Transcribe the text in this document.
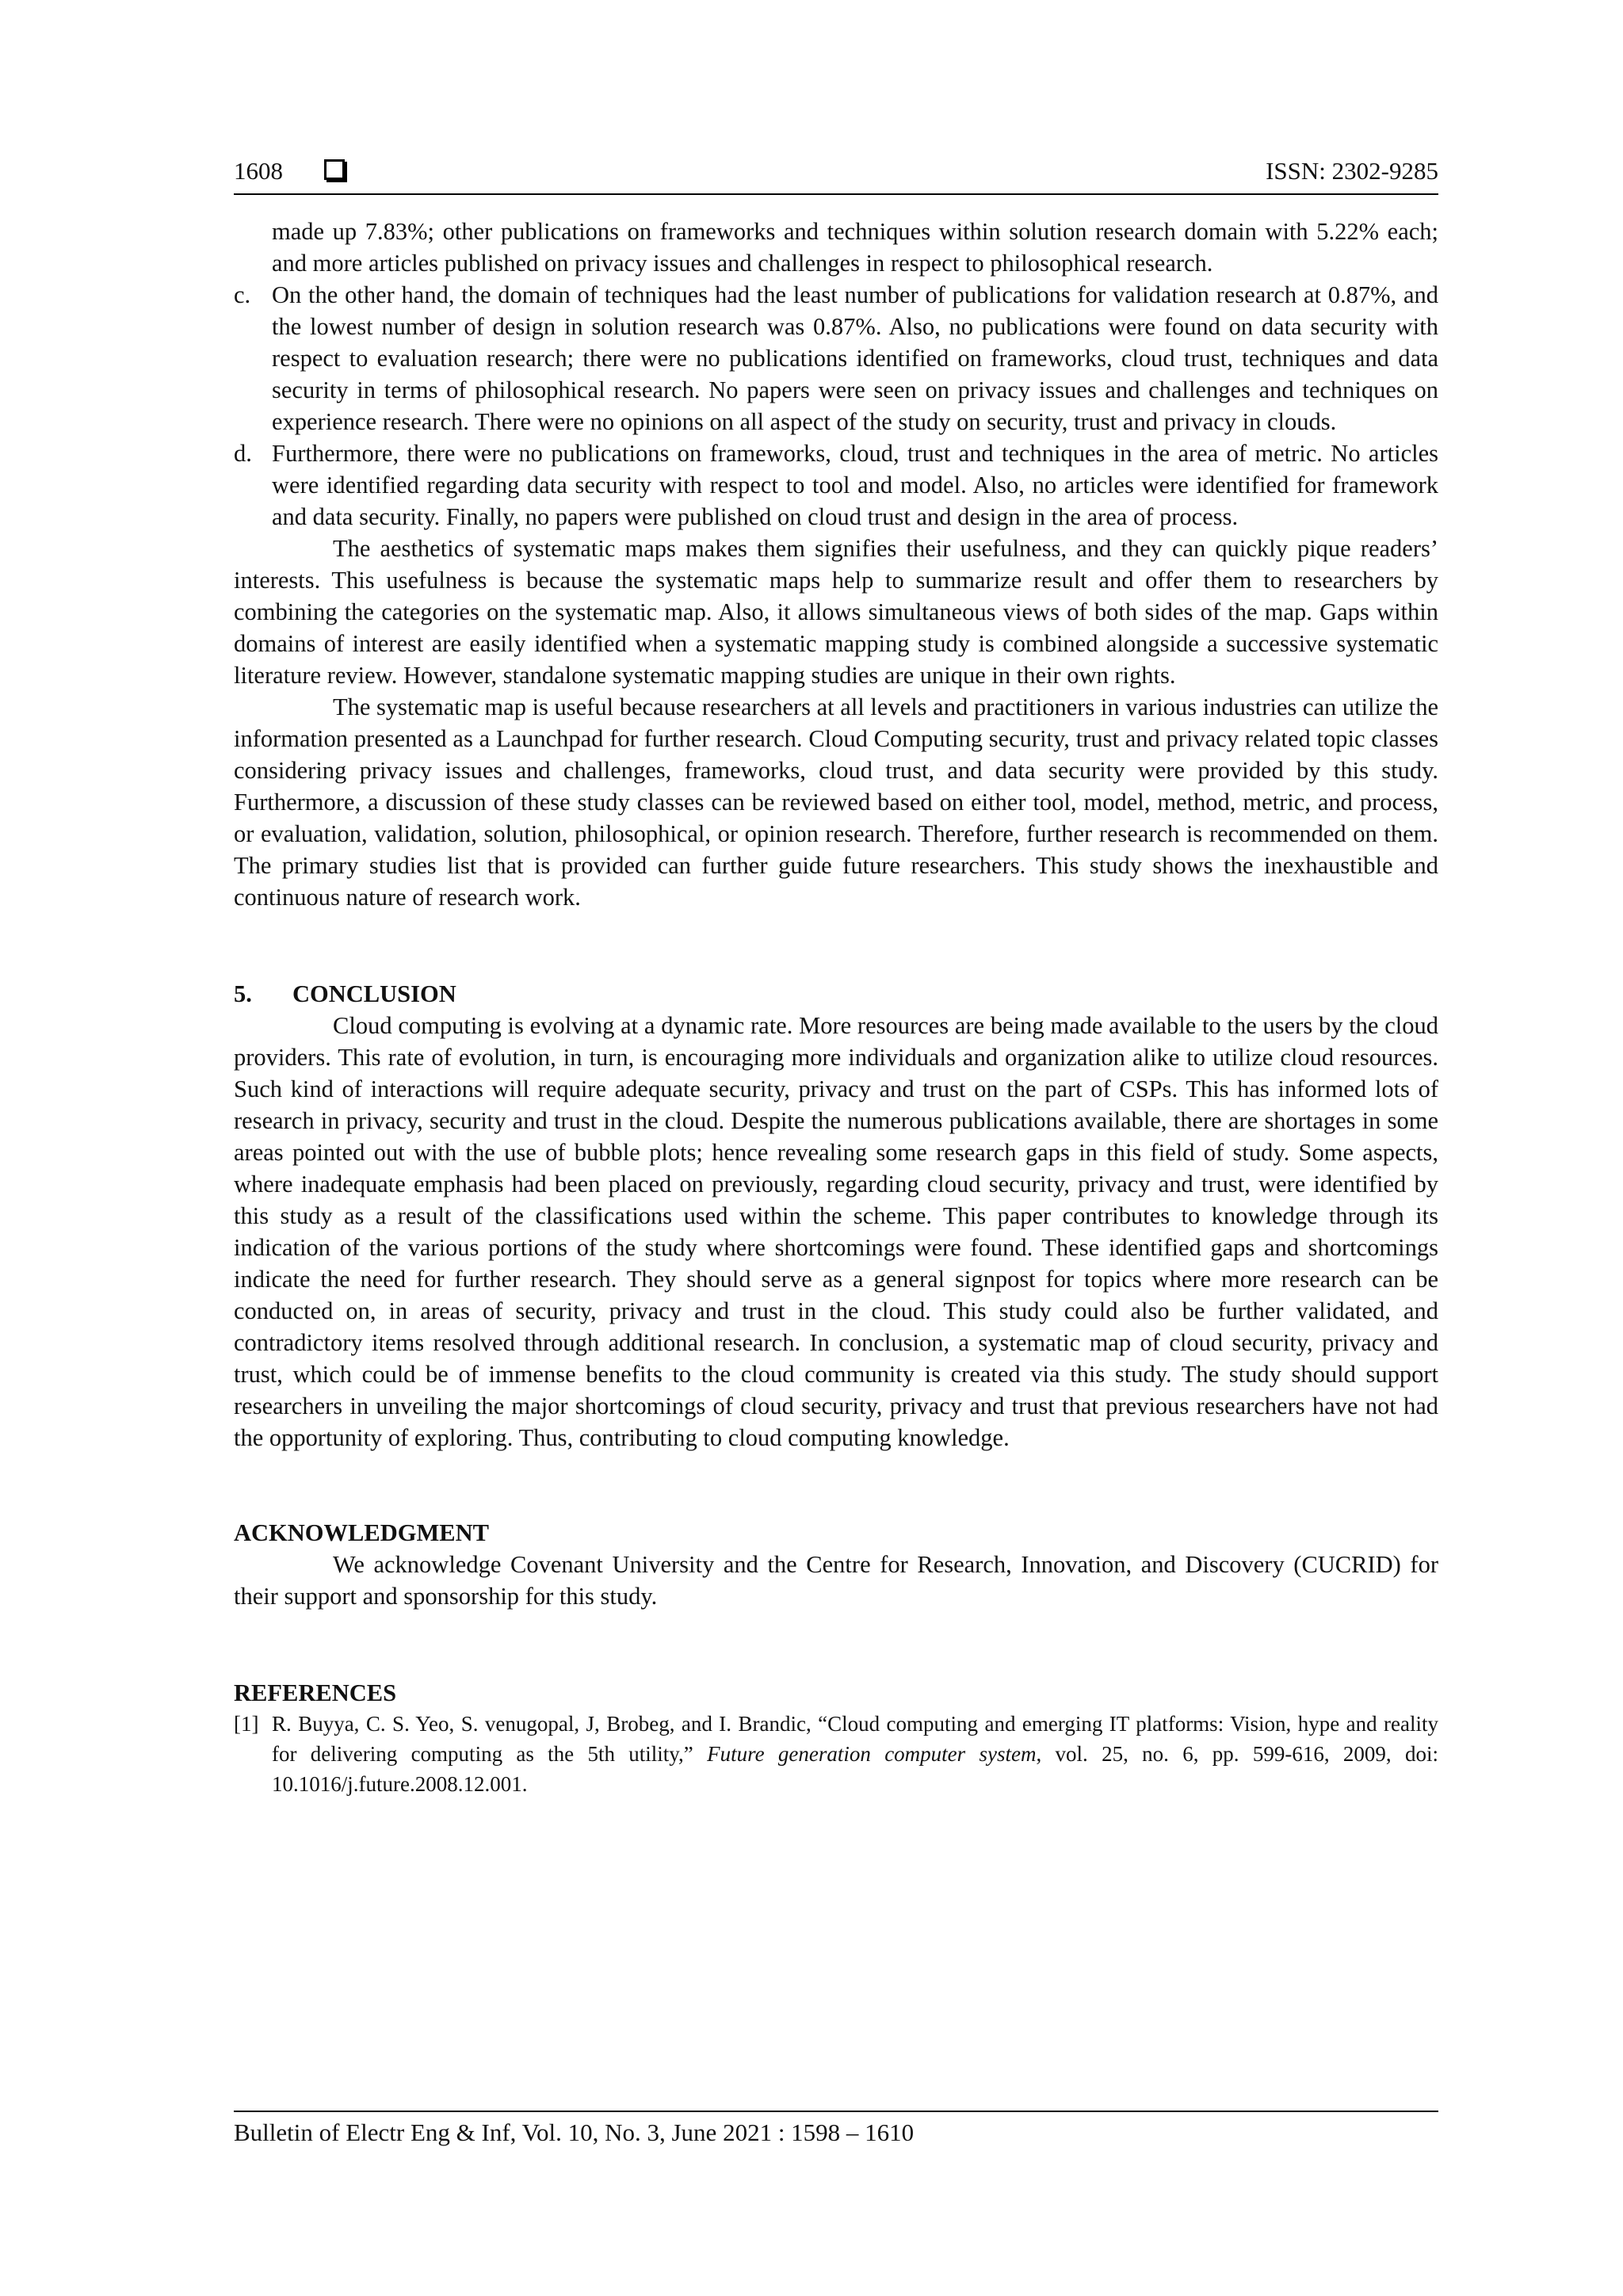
1608	ISSN: 2302-9285

made up 7.83%; other publications on frameworks and techniques within solution research domain with 5.22% each; and more articles published on privacy issues and challenges in respect to philosophical research.

c. On the other hand, the domain of techniques had the least number of publications for validation research at 0.87%, and the lowest number of design in solution research was 0.87%. Also, no publications were found on data security with respect to evaluation research; there were no publications identified on frameworks, cloud trust, techniques and data security in terms of philosophical research. No papers were seen on privacy issues and challenges and techniques on experience research. There were no opinions on all aspect of the study on security, trust and privacy in clouds.
d. Furthermore, there were no publications on frameworks, cloud, trust and techniques in the area of metric. No articles were identified regarding data security with respect to tool and model. Also, no articles were identified for framework and data security. Finally, no papers were published on cloud trust and design in the area of process.

The aesthetics of systematic maps makes them signifies their usefulness, and they can quickly pique readers’ interests. This usefulness is because the systematic maps help to summarize result and offer them to researchers by combining the categories on the systematic map. Also, it allows simultaneous views of both sides of the map. Gaps within domains of interest are easily identified when a systematic mapping study is combined alongside a successive systematic literature review. However, standalone systematic mapping studies are unique in their own rights.

The systematic map is useful because researchers at all levels and practitioners in various industries can utilize the information presented as a Launchpad for further research. Cloud Computing security, trust and privacy related topic classes considering privacy issues and challenges, frameworks, cloud trust, and data security were provided by this study. Furthermore, a discussion of these study classes can be reviewed based on either tool, model, method, metric, and process, or evaluation, validation, solution, philosophical, or opinion research. Therefore, further research is recommended on them. The primary studies list that is provided can further guide future researchers. This study shows the inexhaustible and continuous nature of research work.

5. CONCLUSION

Cloud computing is evolving at a dynamic rate. More resources are being made available to the users by the cloud providers. This rate of evolution, in turn, is encouraging more individuals and organization alike to utilize cloud resources. Such kind of interactions will require adequate security, privacy and trust on the part of CSPs. This has informed lots of research in privacy, security and trust in the cloud. Despite the numerous publications available, there are shortages in some areas pointed out with the use of bubble plots; hence revealing some research gaps in this field of study. Some aspects, where inadequate emphasis had been placed on previously, regarding cloud security, privacy and trust, were identified by this study as a result of the classifications used within the scheme. This paper contributes to knowledge through its indication of the various portions of the study where shortcomings were found. These identified gaps and shortcomings indicate the need for further research. They should serve as a general signpost for topics where more research can be conducted on, in areas of security, privacy and trust in the cloud. This study could also be further validated, and contradictory items resolved through additional research. In conclusion, a systematic map of cloud security, privacy and trust, which could be of immense benefits to the cloud community is created via this study. The study should support researchers in unveiling the major shortcomings of cloud security, privacy and trust that previous researchers have not had the opportunity of exploring. Thus, contributing to cloud computing knowledge.

ACKNOWLEDGMENT

We acknowledge Covenant University and the Centre for Research, Innovation, and Discovery (CUCRID) for their support and sponsorship for this study.

REFERENCES
[1] R. Buyya, C. S. Yeo, S. venugopal, J, Brobeg, and I. Brandic, “Cloud computing and emerging IT platforms: Vision, hype and reality for delivering computing as the 5th utility,” Future generation computer system, vol. 25, no. 6, pp. 599-616, 2009, doi: 10.1016/j.future.2008.12.001.
Bulletin of Electr Eng & Inf, Vol. 10, No. 3, June 2021 : 1598 – 1610
